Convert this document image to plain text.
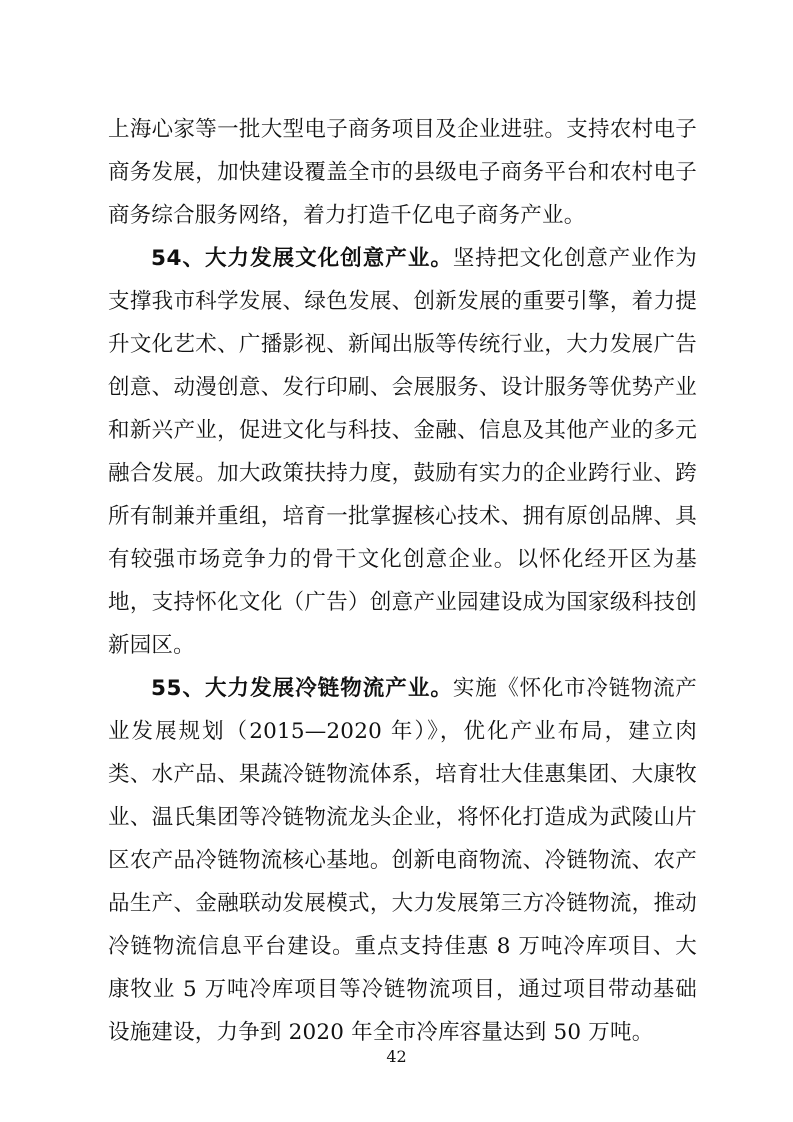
上海心家等一批大型电子商务项目及企业进驻。支持农村电子商务发展，加快建设覆盖全市的县级电子商务平台和农村电子商务综合服务网络，着力打造千亿电子商务产业。

54、大力发展文化创意产业。坚持把文化创意产业作为支撑我市科学发展、绿色发展、创新发展的重要引擎，着力提升文化艺术、广播影视、新闻出版等传统行业，大力发展广告创意、动漫创意、发行印刷、会展服务、设计服务等优势产业和新兴产业，促进文化与科技、金融、信息及其他产业的多元融合发展。加大政策扶持力度，鼓励有实力的企业跨行业、跨所有制兼并重组，培育一批掌握核心技术、拥有原创品牌、具有较强市场竞争力的骨干文化创意企业。以怀化经开区为基地，支持怀化文化（广告）创意产业园建设成为国家级科技创新园区。

55、大力发展冷链物流产业。实施《怀化市冷链物流产业发展规划（2015—2020 年）》，优化产业布局，建立肉类、水产品、果蔬冷链物流体系，培育壮大佳惠集团、大康牧业、温氏集团等冷链物流龙头企业，将怀化打造成为武陵山片区农产品冷链物流核心基地。创新电商物流、冷链物流、农产品生产、金融联动发展模式，大力发展第三方冷链物流，推动冷链物流信息平台建设。重点支持佳惠 8 万吨冷库项目、大康牧业 5 万吨冷库项目等冷链物流项目，通过项目带动基础设施建设，力争到 2020 年全市冷库容量达到 50 万吨。

42
